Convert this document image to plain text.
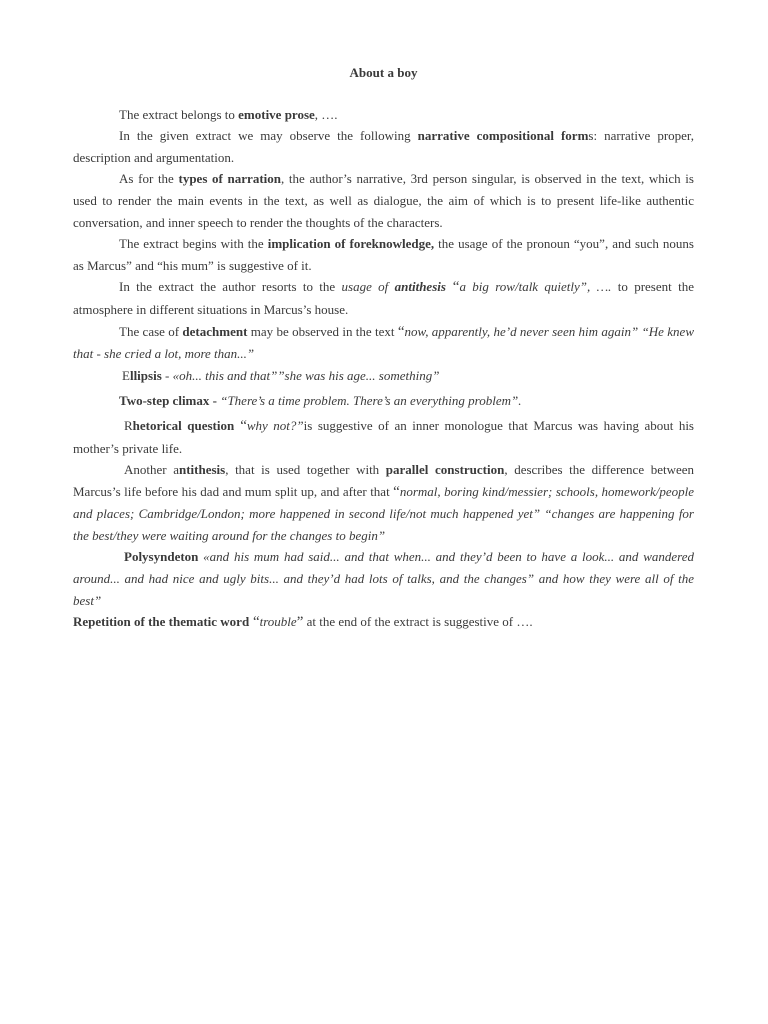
About a boy

The extract belongs to emotive prose, ….

In the given extract we may observe the following narrative compositional forms: narrative proper, description and argumentation.

As for the types of narration, the author’s narrative, 3rd person singular, is observed in the text, which is used to render the main events in the text, as well as dialogue, the aim of which is to present life-like authentic conversation, and inner speech to render the thoughts of the characters.

The extract begins with the implication of foreknowledge, the usage of the pronoun “you”, and such nouns as Marcus” and “his mum” is suggestive of it.

In the extract the author resorts to the usage of antithesis “a big row/talk quietly”, …. to present the atmosphere in different situations in Marcus’s house.

The case of detachment may be observed in the text “now, apparently, he’d never seen him again” “He knew that - she cried a lot, more than...”

Ellipsis - «oh... this and that””she was his age... something”

Two-step climax - “There’s a time problem. There’s an everything problem”.

Rhetorical question “why not?”is suggestive of an inner monologue that Marcus was having about his mother’s private life.

Another antithesis, that is used together with parallel construction, describes the difference between Marcus’s life before his dad and mum split up, and after that “normal, boring kind/messier; schools, homework/people and places; Cambridge/London; more happened in second life/not much happened yet” “changes are happening for the best/they were waiting around for the changes to begin”

Polysyndeton «and his mum had said... and that when... and they’d been to have a look... and wandered around... and had nice and ugly bits... and they’d had lots of talks, and the changes” and how they were all of the best”

Repetition of the thematic word “trouble” at the end of the extract is suggestive of ….
